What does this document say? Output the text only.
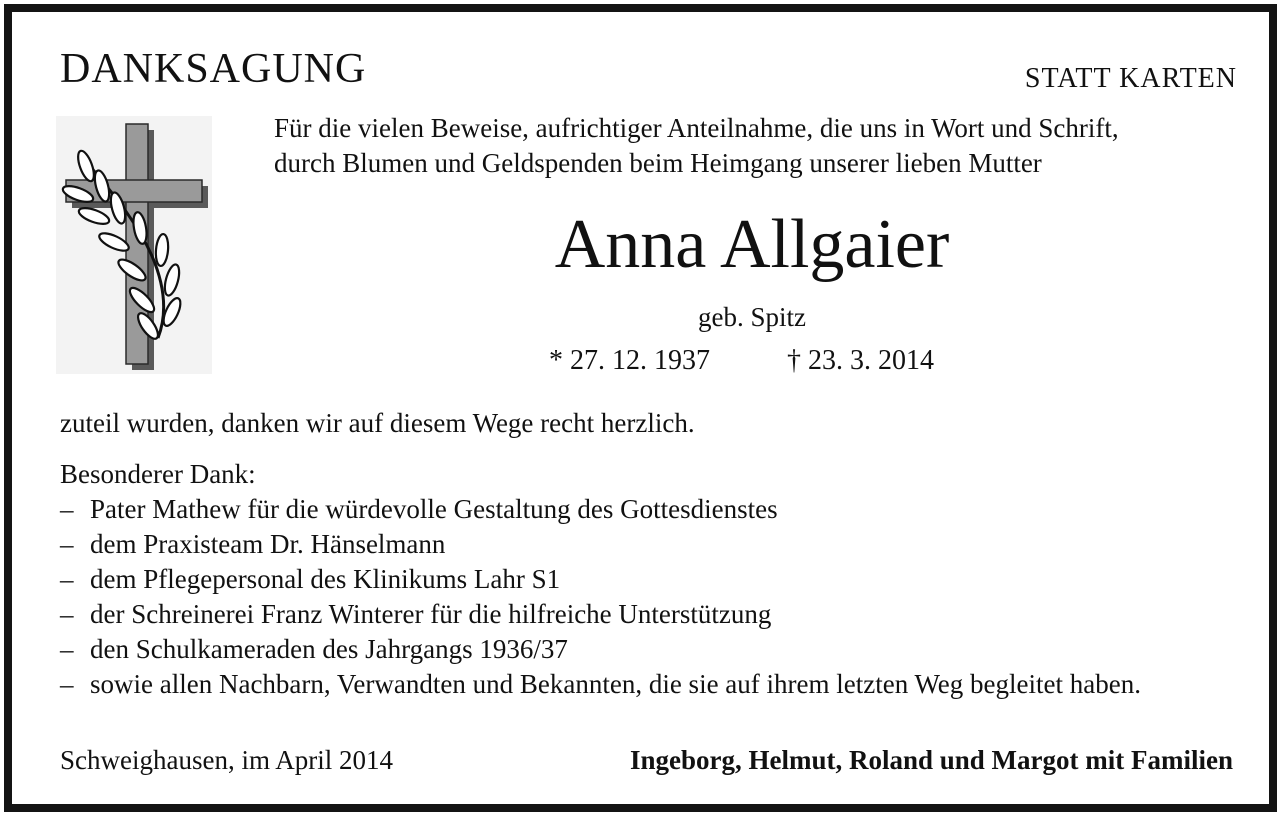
DANKSAGUNG	STATT KARTEN
Für die vielen Beweise, aufrichtiger Anteilnahme, die uns in Wort und Schrift,
durch Blumen und Geldspenden beim Heimgang unserer lieben Mutter
Anna Allgaier
geb. Spitz
* 27. 12. 1937	† 23. 3. 2014
zuteil wurden, danken wir auf diesem Wege recht herzlich.
Besonderer Dank:
– Pater Mathew für die würdevolle Gestaltung des Gottesdienstes
– dem Praxisteam Dr. Hänselmann
– dem Pflegepersonal des Klinikums Lahr S1
– der Schreinerei Franz Winterer für die hilfreiche Unterstützung
– den Schulkameraden des Jahrgangs 1936/37
– sowie allen Nachbarn, Verwandten und Bekannten, die sie auf ihrem letzten Weg begleitet haben.
Schweighausen, im April 2014	Ingeborg, Helmut, Roland und Margot mit Familien
